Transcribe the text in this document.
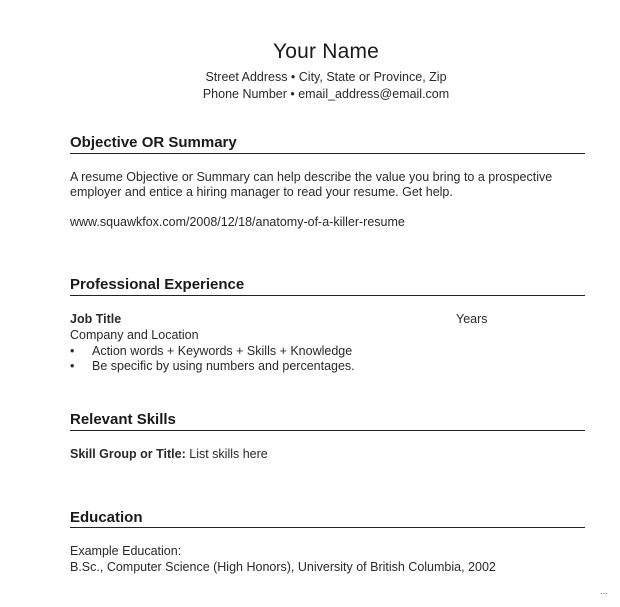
Your Name
Street Address • City, State or Province, Zip
Phone Number • email_address@email.com
Objective OR Summary
A resume Objective or Summary can help describe the value you bring to a prospective
employer and entice a hiring manager to read your resume. Get help.
www.squawkfox.com/2008/12/18/anatomy-of-a-killer-resume
Professional Experience
Job Title	Years
Company and Location
• Action words + Keywords + Skills + Knowledge
• Be specific by using numbers and percentages.
Relevant Skills
Skill Group or Title: List skills here
Education
Example Education:
B.Sc., Computer Science (High Honors), University of British Columbia, 2002
...
